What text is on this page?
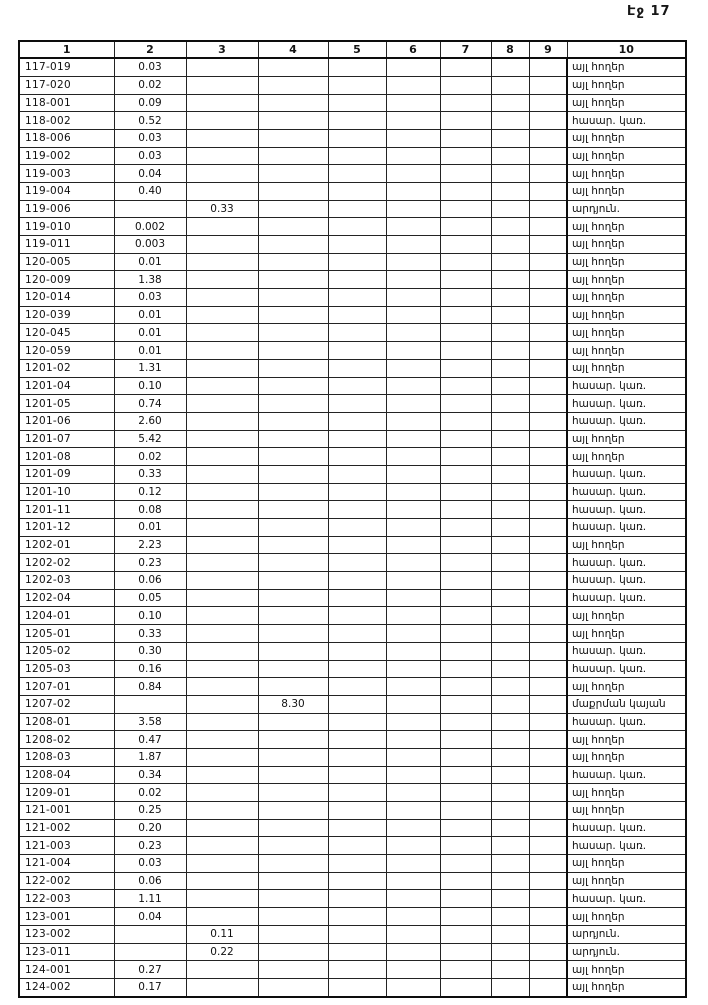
Էջ 17
1	2	3	4	5	6	7	8	9	10
117-019	0.03								այլ հողեր
117-020	0.02								այլ հողեր
118-001	0.09								այլ հողեր
118-002	0.52								հասար. կառ.
118-006	0.03								այլ հողեր
119-002	0.03								այլ հողեր
119-003	0.04								այլ հողեր
119-004	0.40								այլ հողեր
119-006		0.33							արդյուն.
119-010	0.002								այլ հողեր
119-011	0.003								այլ հողեր
120-005	0.01								այլ հողեր
120-009	1.38								այլ հողեր
120-014	0.03								այլ հողեր
120-039	0.01								այլ հողեր
120-045	0.01								այլ հողեր
120-059	0.01								այլ հողեր
1201-02	1.31								այլ հողեր
1201-04	0.10								հասար. կառ.
1201-05	0.74								հասար. կառ.
1201-06	2.60								հասար. կառ.
1201-07	5.42								այլ հողեր
1201-08	0.02								այլ հողեր
1201-09	0.33								հասար. կառ.
1201-10	0.12								հասար. կառ.
1201-11	0.08								հասար. կառ.
1201-12	0.01								հասար. կառ.
1202-01	2.23								այլ հողեր
1202-02	0.23								հասար. կառ.
1202-03	0.06								հասար. կառ.
1202-04	0.05								հասար. կառ.
1204-01	0.10								այլ հողեր
1205-01	0.33								այլ հողեր
1205-02	0.30								հասար. կառ.
1205-03	0.16								հասար. կառ.
1207-01	0.84								այլ հողեր
1207-02			8.30						մաքրման կայան
1208-01	3.58								հասար. կառ.
1208-02	0.47								այլ հողեր
1208-03	1.87								այլ հողեր
1208-04	0.34								հասար. կառ.
1209-01	0.02								այլ հողեր
121-001	0.25								այլ հողեր
121-002	0.20								հասար. կառ.
121-003	0.23								հասար. կառ.
121-004	0.03								այլ հողեր
122-002	0.06								այլ հողեր
122-003	1.11								հասար. կառ.
123-001	0.04								այլ հողեր
123-002		0.11							արդյուն.
123-011		0.22							արդյուն.
124-001	0.27								այլ հողեր
124-002	0.17								այլ հողեր
